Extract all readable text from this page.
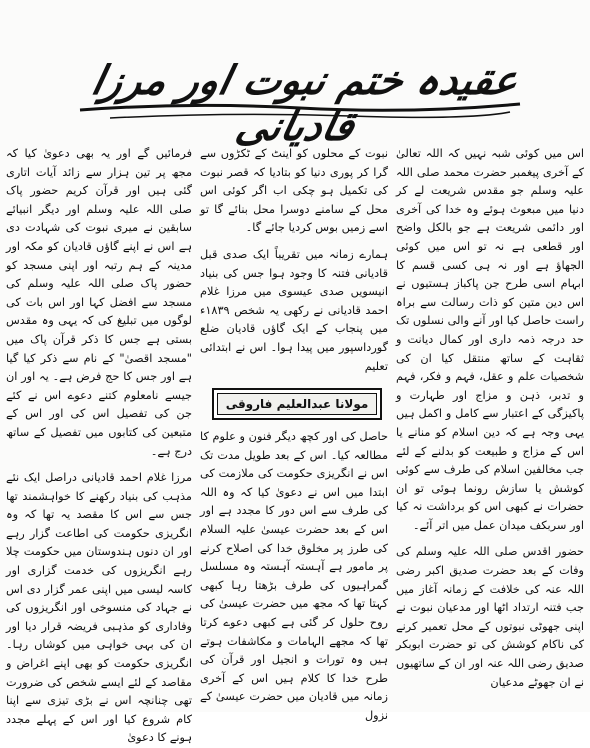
عقیدہ ختم نبوت اور مرزا قادیانی

اس میں کوئی شبہ نہیں کہ اللہ تعالیٰ کے آخری پیغمبر حضرت محمد صلی اللہ علیہ وسلم جو مقدس شریعت لے کر دنیا میں مبعوث ہوئے وہ خدا کی آخری اور دائمی شریعت ہے جو بالکل واضح اور قطعی ہے نہ تو اس میں کوئی الجھاؤ ہے اور نہ ہی کسی قسم کا ابہام اسی طرح جن پاکباز ہستیوں نے اس دین متین کو ذات رسالت سے براہ راست حاصل کیا اور آنے والی نسلوں تک حد درجہ ذمہ داری اور کمال دیانت و ثقاہت کے ساتھ منتقل کیا ان کی شخصیات علم و عقل، فہم و فکر، فہم و تدبر، ذہن و مزاج اور طہارت و پاکیزگی کے اعتبار سے کامل و اکمل ہیں یہی وجہ ہے کہ دین اسلام کو منانے یا اس کے مزاج و طبیعت کو بدلنے کے لئے جب مخالفین اسلام کی طرف سے کوئی کوشش یا سازش رونما ہوئی تو ان حضرات نے کبھی اس کو برداشت نہ کیا اور سربکف میدان عمل میں اتر آئے۔

حضور اقدس صلی اللہ علیہ وسلم کی وفات کے بعد حضرت صدیق اکبر رضی اللہ عنہ کی خلافت کے زمانہ آغاز میں جب فتنہ ارتداد اٹھا اور مدعیان نبوت نے اپنی جھوٹی نبوتوں کے محل تعمیر کرنے کی ناکام کوشش کی تو حضرت ابوبکر صدیق رضی اللہ عنہ اور ان کے ساتھیوں نے ان جھوٹے مدعیان

نبوت کے محلوں کو اینٹ کے ٹکڑوں سے گرا کر پوری دنیا کو بتادیا کہ قصر نبوت کی تکمیل ہو چکی اب اگر کوئی اس محل کے سامنے دوسرا محل بنائے گا تو اسے زمیں بوس کردیا جائے گا۔

ہمارے زمانہ میں تقریباً ایک صدی قبل قادیانی فتنہ کا وجود ہوا جس کی بنیاد انیسویں صدی عیسوی میں مرزا غلام احمد قادیانی نے رکھی یہ شخص ۱۸۳۹ء میں پنجاب کے ایک گاؤں قادیان ضلع گورداسپور میں پیدا ہوا۔ اس نے ابتدائی تعلیم

مولانا عبدالعلیم فاروقی

حاصل کی اور کچھ دیگر فنون و علوم کا مطالعہ کیا۔ اس کے بعد طویل مدت تک اس نے انگریزی حکومت کی ملازمت کی ابتدا میں اس نے دعویٰ کیا کہ وہ اللہ کی طرف سے اس دور کا مجدد ہے اور اس کے بعد حضرت عیسیٰ علیہ السلام کی طرز پر مخلوق خدا کی اصلاح کرنے پر مامور ہے آہستہ آہستہ وہ مسلسل گمراہیوں کی طرف بڑھتا رہا کبھی کہتا تھا کہ مجھ میں حضرت عیسیٰ کی روح حلول کر گئی ہے کبھی دعوے کرتا تھا کہ مجھے الہامات و مکاشفات ہوتے ہیں وہ تورات و انجیل اور قرآن کی طرح خدا کا کلام ہیں اس کے آخری زمانہ میں قادیان میں حضرت عیسیٰ کے نزول

فرمائیں گے اور یہ بھی دعویٰ کیا کہ مجھ پر تین ہزار سے زائد آیات اتاری گئی ہیں اور قرآن کریم حضور پاک صلی اللہ علیہ وسلم اور دیگر انبیائے سابقین نے میری نبوت کی شہادت دی ہے اس نے اپنے گاؤں قادیان کو مکہ اور مدینہ کے ہم رتبہ اور اپنی مسجد کو حضور پاک صلی اللہ علیہ وسلم کی مسجد سے افضل کہا اور اس بات کی لوگوں میں تبلیغ کی کہ یہی وہ مقدس بستی ہے جس کا ذکر قرآن پاک میں "مسجد اقصیٰ" کے نام سے ذکر کیا گیا ہے اور جس کا حج فرض ہے۔ یہ اور ان جیسے نامعلوم کتنے دعوے اس نے کئے جن کی تفصیل اس کی اور اس کے متبعین کی کتابوں میں تفصیل کے ساتھ درج ہے۔

مرزا غلام احمد قادیانی دراصل ایک نئے مذہب کی بنیاد رکھنے کا خواہشمند تھا جس سے اس کا مقصد یہ تھا کہ وہ انگریزی حکومت کی اطاعت گزار رہے اور ان دنوں ہندوستان میں حکومت چلا رہے انگریزوں کی خدمت گزاری اور کاسہ لیسی میں اپنی عمر گزار دی اس نے جہاد کی منسوخی اور انگریزوں کی وفاداری کو مذہبی فریضہ قرار دیا اور ان کی بہی خواہی میں کوشاں رہا۔ انگریزی حکومت کو بھی اپنے اغراض و مقاصد کے لئے ایسے شخص کی ضرورت تھی چنانچہ اس نے بڑی تیزی سے اپنا کام شروع کیا اور اس کے پہلے مجدد ہونے کا دعویٰ
